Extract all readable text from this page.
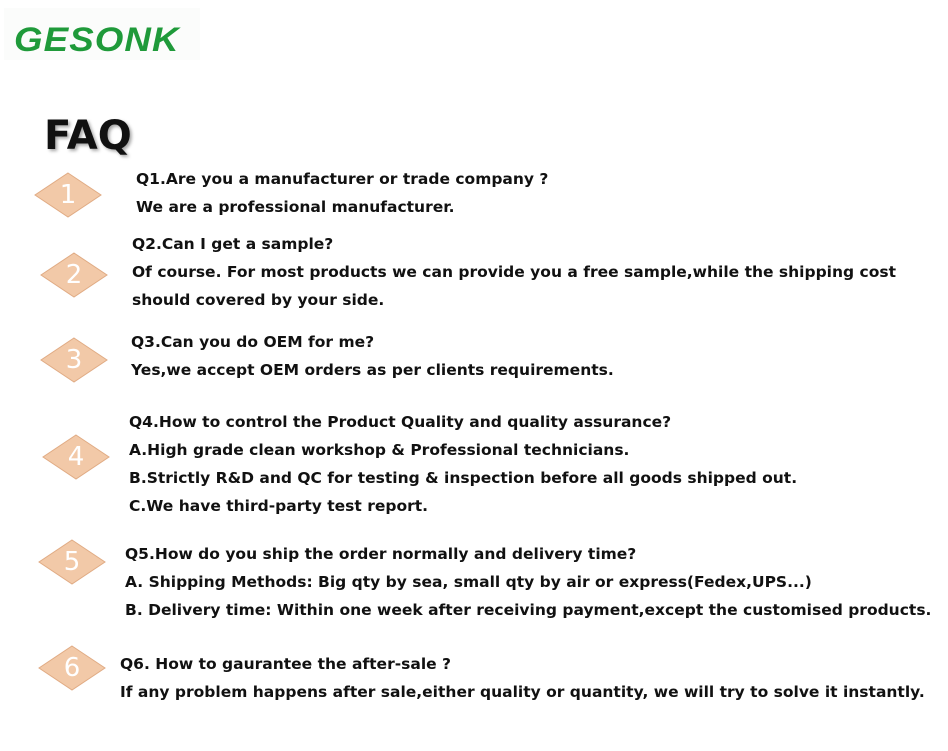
GESONK
FAQ
1
Q1.Are you a manufacturer or trade company ?
We are a professional manufacturer.
2
Q2.Can I get a sample?
Of course. For most products we can provide you a free sample,while the shipping cost
should covered by your side.
3
Q3.Can you do OEM for me?
Yes,we accept OEM orders as per clients requirements.
4
Q4.How to control the Product Quality and quality assurance?
A.High grade clean workshop & Professional technicians.
B.Strictly R&D and QC for testing & inspection before all goods shipped out.
C.We have third-party test report.
5	Q5.How do you ship the order normally and delivery time?
A. Shipping Methods: Big qty by sea, small qty by air or express(Fedex,UPS...)
B. Delivery time: Within one week after receiving payment,except the customised products.
6	Q6. How to gaurantee the after-sale ?
If any problem happens after sale,either quality or quantity, we will try to solve it instantly.
